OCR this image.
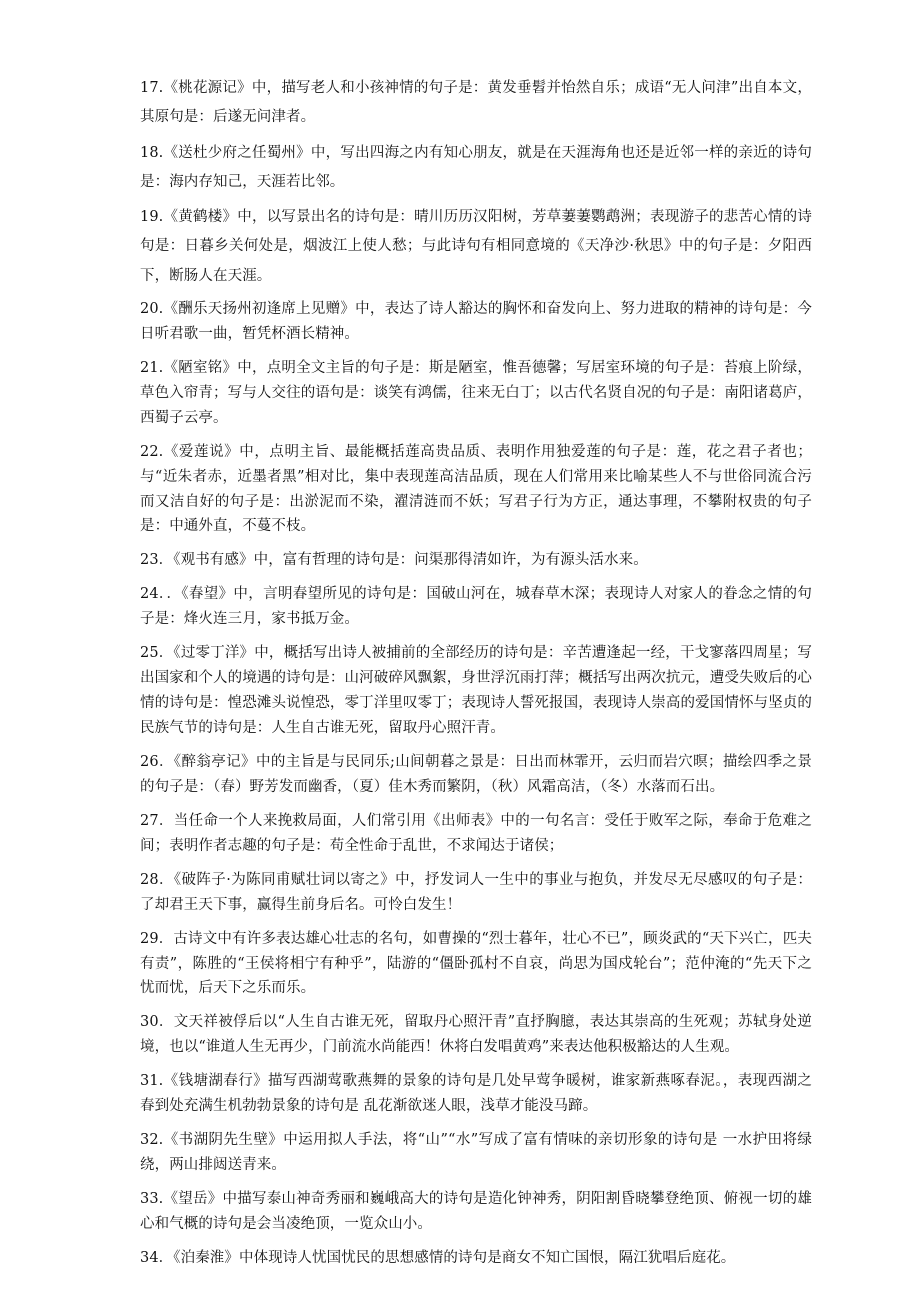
17.《桃花源记》中，描写老人和小孩神情的句子是：黄发垂髫并怡然自乐；成语“无人问津”出自本文，其原句是：后遂无问津者。

18.《送杜少府之任蜀州》中，写出四海之内有知心朋友，就是在天涯海角也还是近邻一样的亲近的诗句是：海内存知己，天涯若比邻。

19.《黄鹤楼》中，以写景出名的诗句是：晴川历历汉阳树，芳草萋萋鹦鹉洲；表现游子的悲苦心情的诗句是：日暮乡关何处是，烟波江上使人愁；与此诗句有相同意境的《天净沙·秋思》中的句子是：夕阳西下，断肠人在天涯。

20.《酬乐天扬州初逢席上见赠》中，表达了诗人豁达的胸怀和奋发向上、努力进取的精神的诗句是：今日听君歌一曲，暂凭杯酒长精神。

21.《陋室铭》中，点明全文主旨的句子是：斯是陋室，惟吾德馨；写居室环境的句子是：苔痕上阶绿，草色入帘青；写与人交往的语句是：谈笑有鸿儒，往来无白丁；以古代名贤自况的句子是：南阳诸葛庐，西蜀子云亭。

22.《爱莲说》中，点明主旨、最能概括莲高贵品质、表明作用独爱莲的句子是：莲，花之君子者也；与“近朱者赤，近墨者黑”相对比，集中表现莲高洁品质，现在人们常用来比喻某些人不与世俗同流合污而又洁自好的句子是：出淤泥而不染，濯清涟而不妖；写君子行为方正，通达事理，不攀附权贵的句子是：中通外直，不蔓不枝。

23．《观书有感》中，富有哲理的诗句是：问渠那得清如许，为有源头活水来。

24．．《春望》中，言明春望所见的诗句是：国破山河在，城春草木深；表现诗人对家人的眷念之情的句子是：烽火连三月，家书抵万金。

25．《过零丁洋》中，概括写出诗人被捕前的全部经历的诗句是：辛苦遭逢起一经，干戈寥落四周星；写出国家和个人的境遇的诗句是：山河破碎风飘絮，身世浮沉雨打萍；概括写出两次抗元，遭受失败后的心情的诗句是：惶恐滩头说惶恐，零丁洋里叹零丁；表现诗人誓死报国，表现诗人崇高的爱国情怀与坚贞的民族气节的诗句是：人生自古谁无死，留取丹心照汗青。

26．《醉翁亭记》中的主旨是与民同乐;山间朝暮之景是：日出而林霏开，云归而岩穴暝；描绘四季之景的句子是：（春）野芳发而幽香，（夏）佳木秀而繁阴，（秋）风霜高洁，（冬）水落而石出。

27．当任命一个人来挽救局面，人们常引用《出师表》中的一句名言：受任于败军之际，奉命于危难之间；表明作者志趣的句子是：苟全性命于乱世，不求闻达于诸侯；

28．《破阵子·为陈同甫赋壮词以寄之》中，抒发词人一生中的事业与抱负，并发尽无尽感叹的句子是：了却君王天下事，赢得生前身后名。可怜白发生！

29．古诗文中有许多表达雄心壮志的名句，如曹操的“烈士暮年，壮心不已”，顾炎武的“天下兴亡，匹夫有责”，陈胜的“王侯将相宁有种乎”，陆游的“僵卧孤村不自哀，尚思为国戍轮台”；范仲淹的“先天下之忧而忧，后天下之乐而乐。

30．文天祥被俘后以“人生自古谁无死，留取丹心照汗青”直抒胸臆，表达其崇高的生死观；苏轼身处逆境，也以“谁道人生无再少，门前流水尚能西！休将白发唱黄鸡”来表达他积极豁达的人生观。

31.《钱塘湖春行》描写西湖莺歌燕舞的景象的诗句是几处早莺争暖树，谁家新燕啄春泥。，表现西湖之春到处充满生机勃勃景象的诗句是 乱花渐欲迷人眼，浅草才能没马蹄。

32.《书湖阴先生壁》中运用拟人手法，将“山”“水”写成了富有情味的亲切形象的诗句是 一水护田将绿绕，两山排闼送青来。

33.《望岳》中描写泰山神奇秀丽和巍峨高大的诗句是造化钟神秀，阴阳割昏晓攀登绝顶、俯视一切的雄心和气概的诗句是会当凌绝顶，一览众山小。

34．《泊秦淮》中体现诗人忧国忧民的思想感情的诗句是商女不知亡国恨，隔江犹唱后庭花。
